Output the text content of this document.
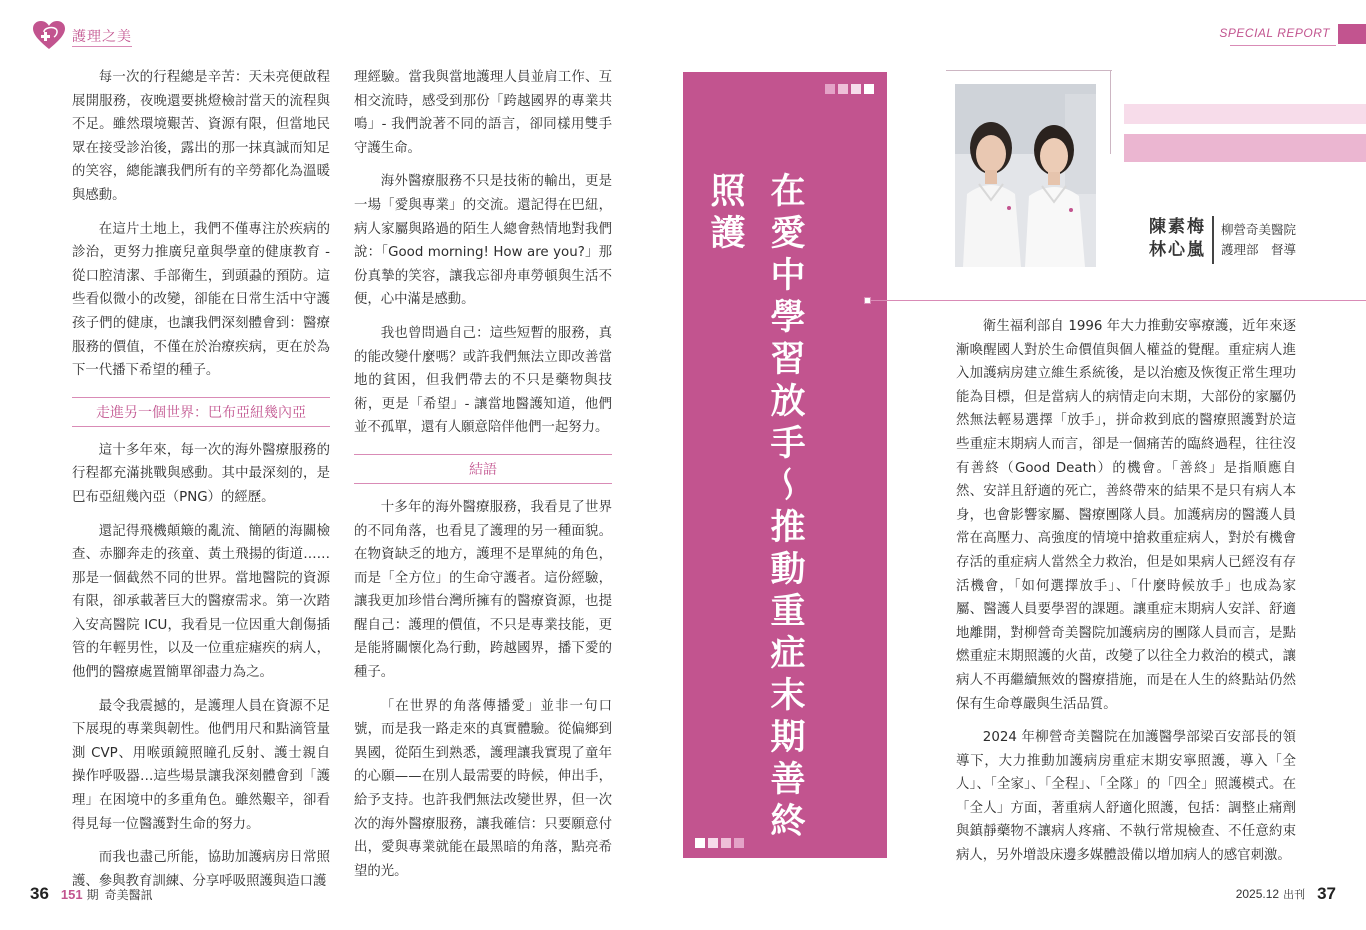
護理之美	SPECIAL REPORT

每一次的行程總是辛苦：天未亮便啟程展開服務，夜晚還要挑燈檢討當天的流程與不足。雖然環境艱苦、資源有限，但當地民眾在接受診治後，露出的那一抹真誠而知足的笑容，總能讓我們所有的辛勞都化為溫暖與感動。

在這片土地上，我們不僅專注於疾病的診治，更努力推廣兒童與學童的健康教育 - 從口腔清潔、手部衛生，到頭蝨的預防。這些看似微小的改變，卻能在日常生活中守護孩子們的健康，也讓我們深刻體會到：醫療服務的價值，不僅在於治療疾病，更在於為下一代播下希望的種子。

走進另一個世界：巴布亞紐幾內亞

這十多年來，每一次的海外醫療服務的行程都充滿挑戰與感動。其中最深刻的，是巴布亞紐幾內亞（PNG）的經歷。

還記得飛機顛簸的亂流、簡陋的海關檢查、赤腳奔走的孩童、黃土飛揚的街道……那是一個截然不同的世界。當地醫院的資源有限，卻承載著巨大的醫療需求。第一次踏入安高醫院 ICU，我看見一位因重大創傷插管的年輕男性，以及一位重症瘧疾的病人，他們的醫療處置簡單卻盡力為之。

最令我震撼的，是護理人員在資源不足下展現的專業與韌性。他們用尺和點滴管量測 CVP、用喉頭鏡照瞳孔反射、護士親自操作呼吸器…這些場景讓我深刻體會到「護理」在困境中的多重角色。雖然艱辛，卻看得見每一位醫護對生命的努力。

而我也盡己所能，協助加護病房日常照護、參與教育訓練、分享呼吸照護與造口護

理經驗。當我與當地護理人員並肩工作、互相交流時，感受到那份「跨越國界的專業共鳴」- 我們說著不同的語言，卻同樣用雙手守護生命。

海外醫療服務不只是技術的輸出，更是一場「愛與專業」的交流。還記得在巴紐，病人家屬與路過的陌生人總會熱情地對我們說：「Good morning! How are you?」那份真摯的笑容，讓我忘卻舟車勞頓與生活不便，心中滿是感動。

我也曾問過自己：這些短暫的服務，真的能改變什麼嗎？或許我們無法立即改善當地的貧困，但我們帶去的不只是藥物與技術，更是「希望」- 讓當地醫護知道，他們並不孤單，還有人願意陪伴他們一起努力。

結語

十多年的海外醫療服務，我看見了世界的不同角落，也看見了護理的另一種面貌。在物資缺乏的地方，護理不是單純的角色，而是「全方位」的生命守護者。這份經驗，讓我更加珍惜台灣所擁有的醫療資源，也提醒自己：護理的價值，不只是專業技能，更是能將關懷化為行動，跨越國界，播下愛的種子。

「在世界的角落傳播愛」並非一句口號，而是我一路走來的真實體驗。從偏鄉到異國，從陌生到熟悉，護理讓我實現了童年的心願——在別人最需要的時候，伸出手，給予支持。也許我們無法改變世界，但一次次的海外醫療服務，讓我確信：只要願意付出，愛與專業就能在最黑暗的角落，點亮希望的光。

在愛中學習放手～推動重症末期善終照護	陳素梅
林心嵐
柳營奇美醫院
護理部　督導

衛生福利部自 1996 年大力推動安寧療護，近年來逐漸喚醒國人對於生命價值與個人權益的覺醒。重症病人進入加護病房建立維生系統後，是以治癒及恢復正常生理功能為目標，但是當病人的病情走向末期，大部份的家屬仍然無法輕易選擇「放手」，拼命救到底的醫療照護對於這些重症末期病人而言，卻是一個痛苦的臨終過程，往往沒有善終（Good Death）的機會。「善終」是指順應自然、安詳且舒適的死亡，善終帶來的結果不是只有病人本身，也會影響家屬、醫療團隊人員。加護病房的醫護人員常在高壓力、高強度的情境中搶救重症病人，對於有機會存活的重症病人當然全力救治，但是如果病人已經沒有存活機會，「如何選擇放手」、「什麼時候放手」也成為家屬、醫護人員要學習的課題。讓重症末期病人安詳、舒適地離開，對柳營奇美醫院加護病房的團隊人員而言，是點燃重症末期照護的火苗，改變了以往全力救治的模式，讓病人不再繼續無效的醫療措施，而是在人生的終點站仍然保有生命尊嚴與生活品質。

2024 年柳營奇美醫院在加護醫學部梁百安部長的領導下，大力推動加護病房重症末期安寧照護，導入「全人」、「全家」、「全程」、「全隊」的「四全」照護模式。在「全人」方面，著重病人舒適化照護，包括：調整止痛劑與鎮靜藥物不讓病人疼痛、不執行常規檢查、不任意約束病人，另外增設床邊多媒體設備以增加病人的感官刺激。

36 151 期 奇美醫訊	2025.12 出刊 37
